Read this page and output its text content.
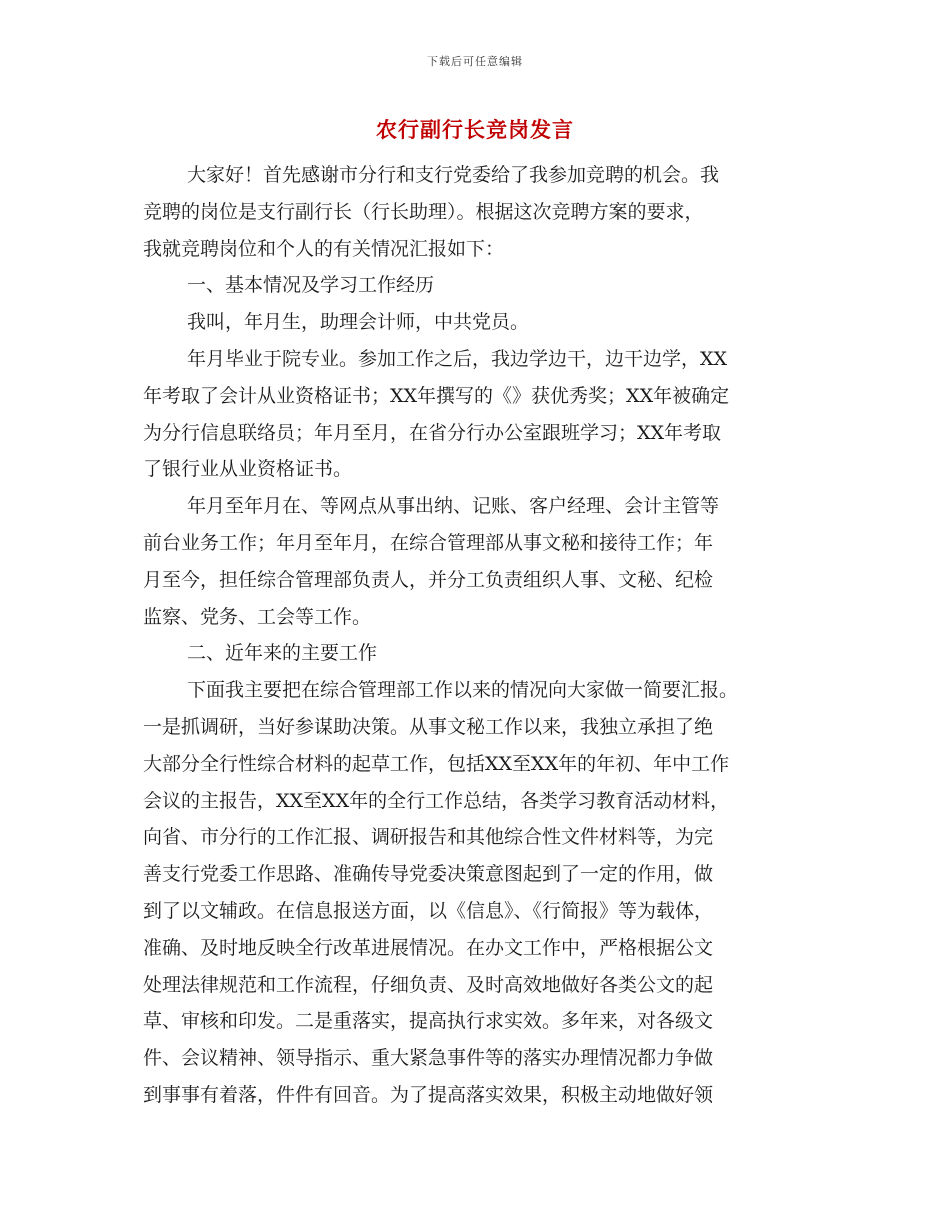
下载后可任意编辑
农行副行长竞岗发言
大家好！首先感谢市分行和支行党委给了我参加竞聘的机会。我
竞聘的岗位是支行副行长（行长助理）。根据这次竞聘方案的要求，
我就竞聘岗位和个人的有关情况汇报如下：
一、基本情况及学习工作经历
我叫，年月生，助理会计师，中共党员。
年月毕业于院专业。参加工作之后，我边学边干，边干边学，XX
年考取了会计从业资格证书；XX年撰写的《》获优秀奖；XX年被确定
为分行信息联络员；年月至月，在省分行办公室跟班学习；XX年考取
了银行业从业资格证书。
年月至年月在、等网点从事出纳、记账、客户经理、会计主管等
前台业务工作；年月至年月，在综合管理部从事文秘和接待工作；年
月至今，担任综合管理部负责人，并分工负责组织人事、文秘、纪检
监察、党务、工会等工作。
二、近年来的主要工作
下面我主要把在综合管理部工作以来的情况向大家做一简要汇报。
一是抓调研，当好参谋助决策。从事文秘工作以来，我独立承担了绝
大部分全行性综合材料的起草工作，包括XX至XX年的年初、年中工作
会议的主报告，XX至XX年的全行工作总结，各类学习教育活动材料，
向省、市分行的工作汇报、调研报告和其他综合性文件材料等，为完
善支行党委工作思路、准确传导党委决策意图起到了一定的作用，做
到了以文辅政。在信息报送方面，以《信息》、《行简报》等为载体，
准确、及时地反映全行改革进展情况。在办文工作中，严格根据公文
处理法律规范和工作流程，仔细负责、及时高效地做好各类公文的起
草、审核和印发。二是重落实，提高执行求实效。多年来，对各级文
件、会议精神、领导指示、重大紧急事件等的落实办理情况都力争做
到事事有着落，件件有回音。为了提高落实效果，积极主动地做好领
